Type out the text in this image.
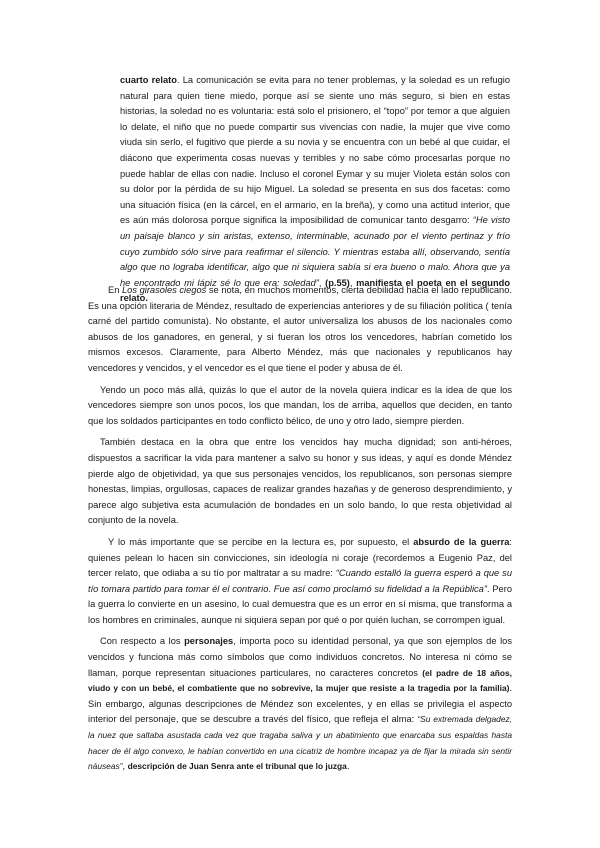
cuarto relato. La comunicación se evita para no tener problemas, y la soledad es un refugio natural para quien tiene miedo, porque así se siente uno más seguro, si bien en estas historias, la soledad no es voluntaria: está solo el prisionero, el “topo” por temor a que alguien lo delate, el niño que no puede compartir sus vivencias con nadie, la mujer que vive como viuda sin serlo, el fugitivo que pierde a su novia y se encuentra con un bebé al que cuidar, el diácono que experimenta cosas nuevas y terribles y no sabe cómo procesarlas porque no puede hablar de ellas con nadie. Incluso el coronel Eymar y su mujer Violeta están solos con su dolor por la pérdida de su hijo Miguel. La soledad se presenta en sus dos facetas: como una situación física (en la cárcel, en el armario, en la breña), y como una actitud interior, que es aún más dolorosa porque significa la imposibilidad de comunicar tanto desgarro: “He visto un paisaje blanco y sin aristas, extenso, interminable, acunado por el viento pertinaz y frío cuyo zumbido sólo sirve para reafirmar el silencio. Y mientras estaba allí, observando, sentía algo que no lograba identificar, algo que ni siquiera sabía si era bueno o malo. Ahora que ya he encontrado mi lápiz sé lo que era: soledad”, (p.55), manifiesta el poeta en el segundo relato.

En Los girasoles ciegos se nota, en muchos momentos, cierta debilidad hacia el lado republicano. Es una opción literaria de Méndez, resultado de experiencias anteriores y de su filiación política ( tenía carné del partido comunista). No obstante, el autor universaliza los abusos de los nacionales como abusos de los ganadores, en general, y si fueran los otros los vencedores, habrían cometido los mismos excesos. Claramente, para Alberto Méndez, más que nacionales y republicanos hay vencedores y vencidos, y el vencedor es el que tiene el poder y abusa de él.

Yendo un poco más allá, quizás lo que el autor de la novela quiera indicar es la idea de que los vencedores siempre son unos pocos, los que mandan, los de arriba, aquellos que deciden, en tanto que los soldados participantes en todo conflicto bélico, de uno y otro lado, siempre pierden.

También destaca en la obra que entre los vencidos hay mucha dignidad; son anti-héroes, dispuestos a sacrificar la vida para mantener a salvo su honor y sus ideas, y aquí es donde Méndez pierde algo de objetividad, ya que sus personajes vencidos, los republicanos, son personas siempre honestas, limpias, orgullosas, capaces de realizar grandes hazañas y de generoso desprendimiento, y parece algo subjetiva esta acumulación de bondades en un solo bando, lo que resta objetividad al conjunto de la novela.

Y lo más importante que se percibe en la lectura es, por supuesto, el absurdo de la guerra: quienes pelean lo hacen sin convicciones, sin ideología ni coraje (recordemos a Eugenio Paz, del tercer relato, que odiaba a su tío por maltratar a su madre: “Cuando estalló la guerra esperó a que su tío tomara partido para tomar él el contrario. Fue así como proclamó su fidelidad a la República”. Pero la guerra lo convierte en un asesino, lo cual demuestra que es un error en sí misma, que transforma a los hombres en criminales, aunque ni siquiera sepan por qué o por quién luchan, se corrompen igual.

Con respecto a los personajes, importa poco su identidad personal, ya que son ejemplos de los vencidos y funciona más como símbolos que como individuos concretos. No interesa ni cómo se llaman, porque representan situaciones particulares, no caracteres concretos (el padre de 18 años, viudo y con un bebé, el combatiente que no sobrevive, la mujer que resiste a la tragedia por la familia). Sin embargo, algunas descripciones de Méndez son excelentes, y en ellas se privilegia el aspecto interior del personaje, que se descubre a través del físico, que refleja el alma: “Su extremada delgadez, la nuez que saltaba asustada cada vez que tragaba saliva y un abatimiento que enarcaba sus espaldas hasta hacer de él algo convexo, le habían convertido en una cicatriz de hombre incapaz ya de fijar la mirada sin sentir náuseas”, descripción de Juan Senra ante el tribunal que lo juzga.
